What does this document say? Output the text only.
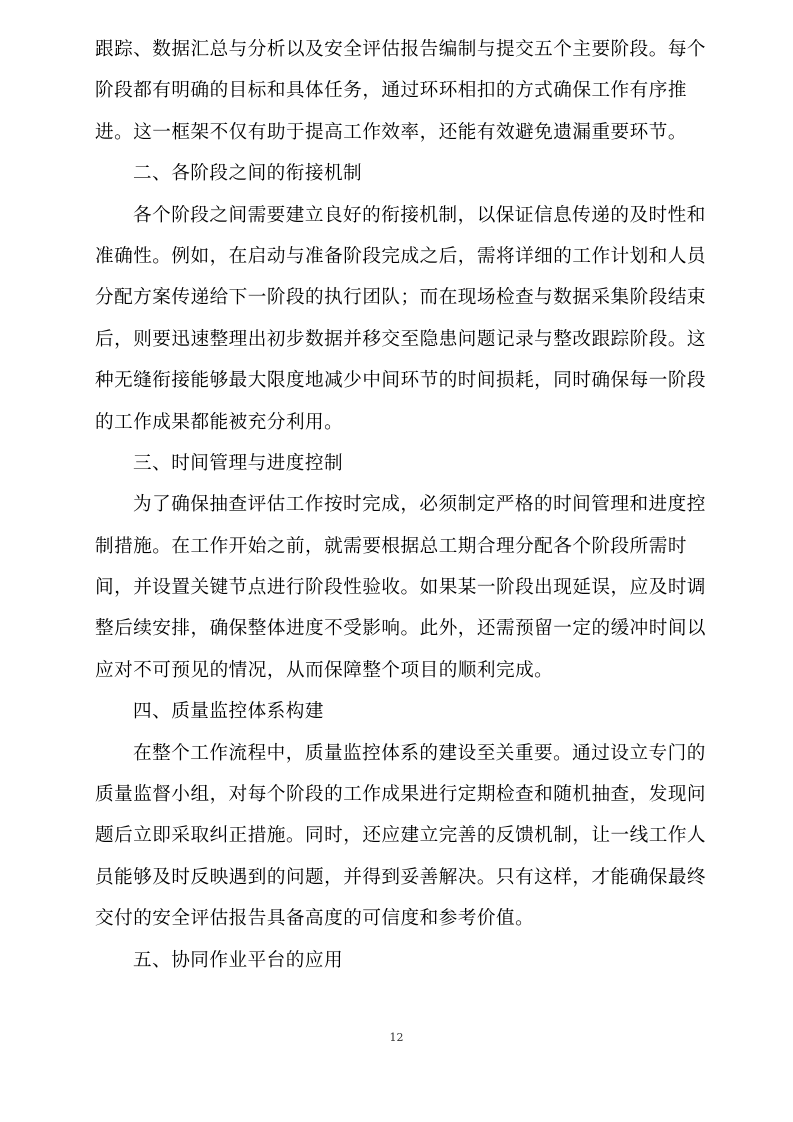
跟踪、数据汇总与分析以及安全评估报告编制与提交五个主要阶段。每个
阶段都有明确的目标和具体任务，通过环环相扣的方式确保工作有序推
进。这一框架不仅有助于提高工作效率，还能有效避免遗漏重要环节。
二、各阶段之间的衔接机制
各个阶段之间需要建立良好的衔接机制，以保证信息传递的及时性和
准确性。例如，在启动与准备阶段完成之后，需将详细的工作计划和人员
分配方案传递给下一阶段的执行团队；而在现场检查与数据采集阶段结束
后，则要迅速整理出初步数据并移交至隐患问题记录与整改跟踪阶段。这
种无缝衔接能够最大限度地减少中间环节的时间损耗，同时确保每一阶段
的工作成果都能被充分利用。
三、时间管理与进度控制
为了确保抽查评估工作按时完成，必须制定严格的时间管理和进度控
制措施。在工作开始之前，就需要根据总工期合理分配各个阶段所需时
间，并设置关键节点进行阶段性验收。如果某一阶段出现延误，应及时调
整后续安排，确保整体进度不受影响。此外，还需预留一定的缓冲时间以
应对不可预见的情况，从而保障整个项目的顺利完成。
四、质量监控体系构建
在整个工作流程中，质量监控体系的建设至关重要。通过设立专门的
质量监督小组，对每个阶段的工作成果进行定期检查和随机抽查，发现问
题后立即采取纠正措施。同时，还应建立完善的反馈机制，让一线工作人
员能够及时反映遇到的问题，并得到妥善解决。只有这样，才能确保最终
交付的安全评估报告具备高度的可信度和参考价值。
五、协同作业平台的应用
12
